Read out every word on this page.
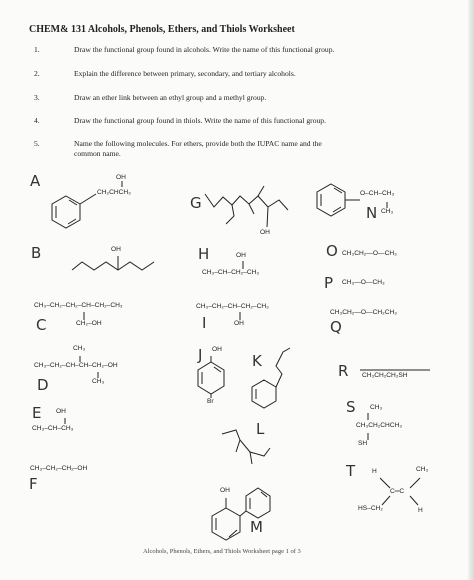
CHEM& 131 Alcohols, Phenols, Ethers, and Thiols Worksheet
1.	Draw the functional group found in alcohols. Write the name of this functional group.
2.	Explain the difference between primary, secondary, and tertiary alcohols.
3.	Draw an ether link between an ethyl group and a methyl group.
4.	Draw the functional group found in thiols. Write the name of this functional group.
5.	Name the following molecules. For ethers, provide both the IUPAC name and the
common name.
A	OH
CH₂CHCH₃
B	OH
CH₃–CH₂–CH₂–CH–CH₂–CH₃
C	CH₂–OH
CH₃
CH₃–CH₂–CH–CH–CH₂–OH
D	CH₃
E OH
CH₃–CH–CH₃
CH₃–CH₂–CH₂–OH
F
G
OH
H	OH
CH₃–CH–CH₂–CH₃
CH₃–CH₂–CH–CH₂–CH₃
I	OH
J OH
Br
K
L
OH
M
O–CH–CH₃
CH₃
N
O CH₃CH₂—O—CH₃
P CH₃—O—CH₃
CH₃CH₂—O—CH₂CH₃
Q
R CH₃CH₂CH₂SH
S CH₃
CH₃CH₂CHCH₃
SH
T	H	CH₃
C═C
HS–CH₂	H
Alcohols, Phenols, Ethers, and Thiols Worksheet page 1 of 3
